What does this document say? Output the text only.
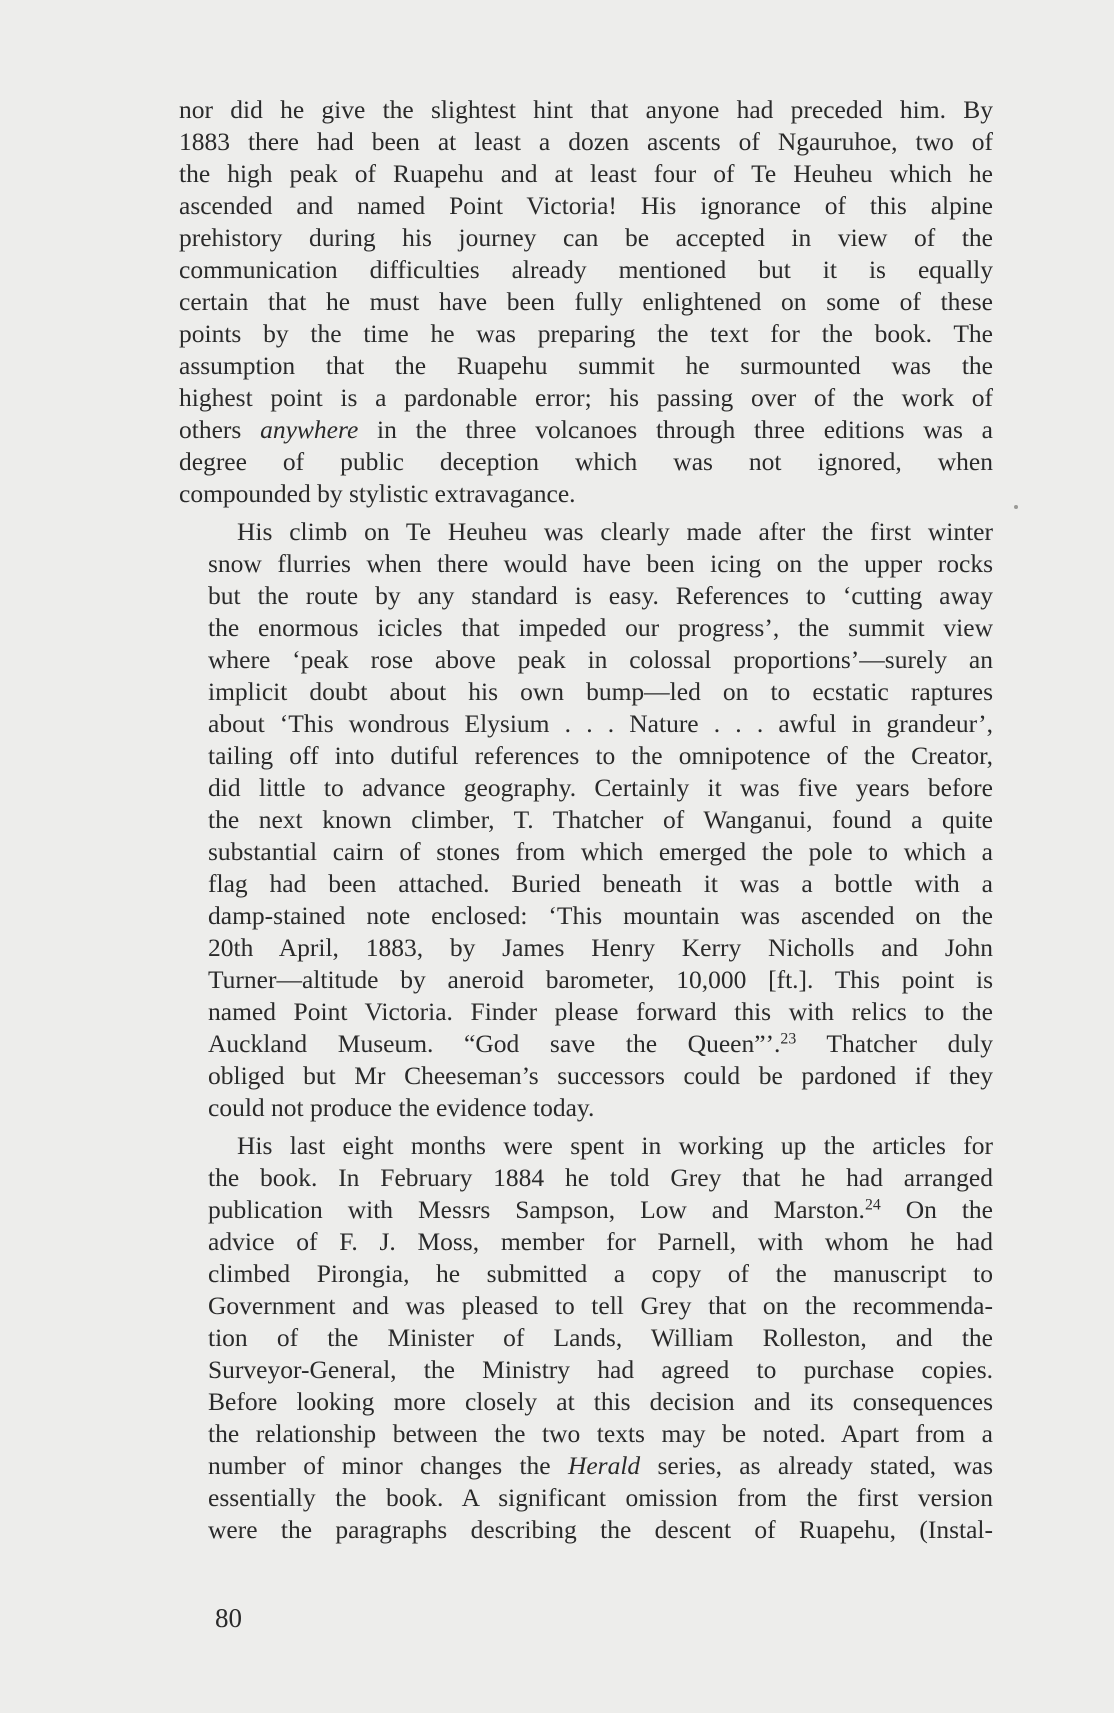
nor did he give the slightest hint that anyone had preceded him. By
1883 there had been at least a dozen ascents of Ngauruhoe, two of
the high peak of Ruapehu and at least four of Te Heuheu which he
ascended and named Point Victoria! His ignorance of this alpine
prehistory during his journey can be accepted in view of the
communication difficulties already mentioned but it is equally
certain that he must have been fully enlightened on some of these
points by the time he was preparing the text for the book. The
assumption that the Ruapehu summit he surmounted was the
highest point is a pardonable error; his passing over of the work of
others anywhere in the three volcanoes through three editions was a
degree of public deception which was not ignored, when
compounded by stylistic extravagance.

His climb on Te Heuheu was clearly made after the first winter
snow flurries when there would have been icing on the upper rocks
but the route by any standard is easy. References to ‘cutting away
the enormous icicles that impeded our progress’, the summit view
where ‘peak rose above peak in colossal proportions’—surely an
implicit doubt about his own bump—led on to ecstatic raptures
about ‘This wondrous Elysium . . . Nature . . . awful in grandeur’,
tailing off into dutiful references to the omnipotence of the Creator,
did little to advance geography. Certainly it was five years before
the next known climber, T. Thatcher of Wanganui, found a quite
substantial cairn of stones from which emerged the pole to which a
flag had been attached. Buried beneath it was a bottle with a
damp-stained note enclosed: ‘This mountain was ascended on the
20th April, 1883, by James Henry Kerry Nicholls and John
Turner—altitude by aneroid barometer, 10,000 [ft.]. This point is
named Point Victoria. Finder please forward this with relics to the
Auckland Museum. “God save the Queen”’.$^{23}$ Thatcher duly
obliged but Mr Cheeseman’s successors could be pardoned if they
could not produce the evidence today.

His last eight months were spent in working up the articles for
the book. In February 1884 he told Grey that he had arranged
publication with Messrs Sampson, Low and Marston.$^{24}$ On the
advice of F. J. Moss, member for Parnell, with whom he had
climbed Pirongia, he submitted a copy of the manuscript to
Government and was pleased to tell Grey that on the recommenda-
tion of the Minister of Lands, William Rolleston, and the
Surveyor-General, the Ministry had agreed to purchase copies.
Before looking more closely at this decision and its consequences
the relationship between the two texts may be noted. Apart from a
number of minor changes the Herald series, as already stated, was
essentially the book. A significant omission from the first version
were the paragraphs describing the descent of Ruapehu, (Instal-

80
